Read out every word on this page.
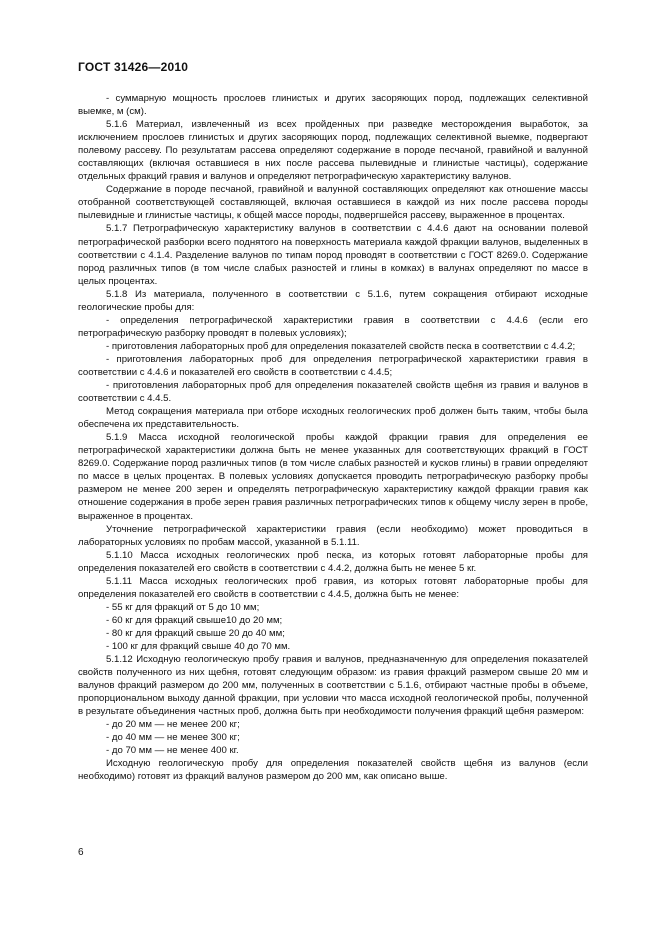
ГОСТ 31426—2010

- суммарную мощность прослоев глинистых и других засоряющих пород, подлежащих селективной выемке, м (см).

5.1.6 Материал, извлеченный из всех пройденных при разведке месторождения выработок, за исключением прослоев глинистых и других засоряющих пород, подлежащих селективной выемке, подвергают полевому рассеву. По результатам рассева определяют содержание в породе песчаной, гравийной и валунной составляющих (включая оставшиеся в них после рассева пылевидные и глинистые частицы), содержание отдельных фракций гравия и валунов и определяют петрографическую характеристику валунов.

Содержание в породе песчаной, гравийной и валунной составляющих определяют как отношение массы отобранной соответствующей составляющей, включая оставшиеся в каждой из них после рассева породы пылевидные и глинистые частицы, к общей массе породы, подвергшейся рассеву, выраженное в процентах.

5.1.7 Петрографическую характеристику валунов в соответствии с 4.4.6 дают на основании полевой петрографической разборки всего поднятого на поверхность материала каждой фракции валунов, выделенных в соответствии с 4.1.4. Разделение валунов по типам пород проводят в соответствии с ГОСТ 8269.0. Содержание пород различных типов (в том числе слабых разностей и глины в комках) в валунах определяют по массе в целых процентах.

5.1.8 Из материала, полученного в соответствии с 5.1.6, путем сокращения отбирают исходные геологические пробы для:

- определения петрографической характеристики гравия в соответствии с 4.4.6 (если его петрографическую разборку проводят в полевых условиях);

- приготовления лабораторных проб для определения показателей свойств песка в соответствии с 4.4.2;

- приготовления лабораторных проб для определения петрографической характеристики гравия в соответствии с 4.4.6 и показателей его свойств в соответствии с 4.4.5;

- приготовления лабораторных проб для определения показателей свойств щебня из гравия и валунов в соответствии с 4.4.5.

Метод сокращения материала при отборе исходных геологических проб должен быть таким, чтобы была обеспечена их представительность.

5.1.9 Масса исходной геологической пробы каждой фракции гравия для определения ее петрографической характеристики должна быть не менее указанных для соответствующих фракций в ГОСТ 8269.0. Содержание пород различных типов (в том числе слабых разностей и кусков глины) в гравии определяют по массе в целых процентах. В полевых условиях допускается проводить петрографическую разборку пробы размером не менее 200 зерен и определять петрографическую характеристику каждой фракции гравия как отношение содержания в пробе зерен гравия различных петрографических типов к общему числу зерен в пробе, выраженное в процентах.

Уточнение петрографической характеристики гравия (если необходимо) может проводиться в лабораторных условиях по пробам массой, указанной в 5.1.11.

5.1.10 Масса исходных геологических проб песка, из которых готовят лабораторные пробы для определения показателей его свойств в соответствии с 4.4.2, должна быть не менее 5 кг.

5.1.11 Масса исходных геологических проб гравия, из которых готовят лабораторные пробы для определения показателей его свойств в соответствии с 4.4.5, должна быть не менее:

- 55 кг для фракций от 5 до 10 мм;

- 60 кг для фракций свыше10 до 20 мм;

- 80 кг для фракций свыше 20 до 40 мм;

- 100 кг для фракций свыше 40 до 70 мм.

5.1.12 Исходную геологическую пробу гравия и валунов, предназначенную для определения показателей свойств полученного из них щебня, готовят следующим образом: из гравия фракций размером свыше 20 мм и валунов фракций размером до 200 мм, полученных в соответствии с 5.1.6, отбирают частные пробы в объеме, пропорциональном выходу данной фракции, при условии что масса исходной геологической пробы, полученной в результате объединения частных проб, должна быть при необходимости получения фракций щебня размером:

- до 20 мм — не менее 200 кг;

- до 40 мм — не менее 300 кг;

- до 70 мм — не менее 400 кг.

Исходную геологическую пробу для определения показателей свойств щебня из валунов (если необходимо) готовят из фракций валунов размером до 200 мм, как описано выше.

6
